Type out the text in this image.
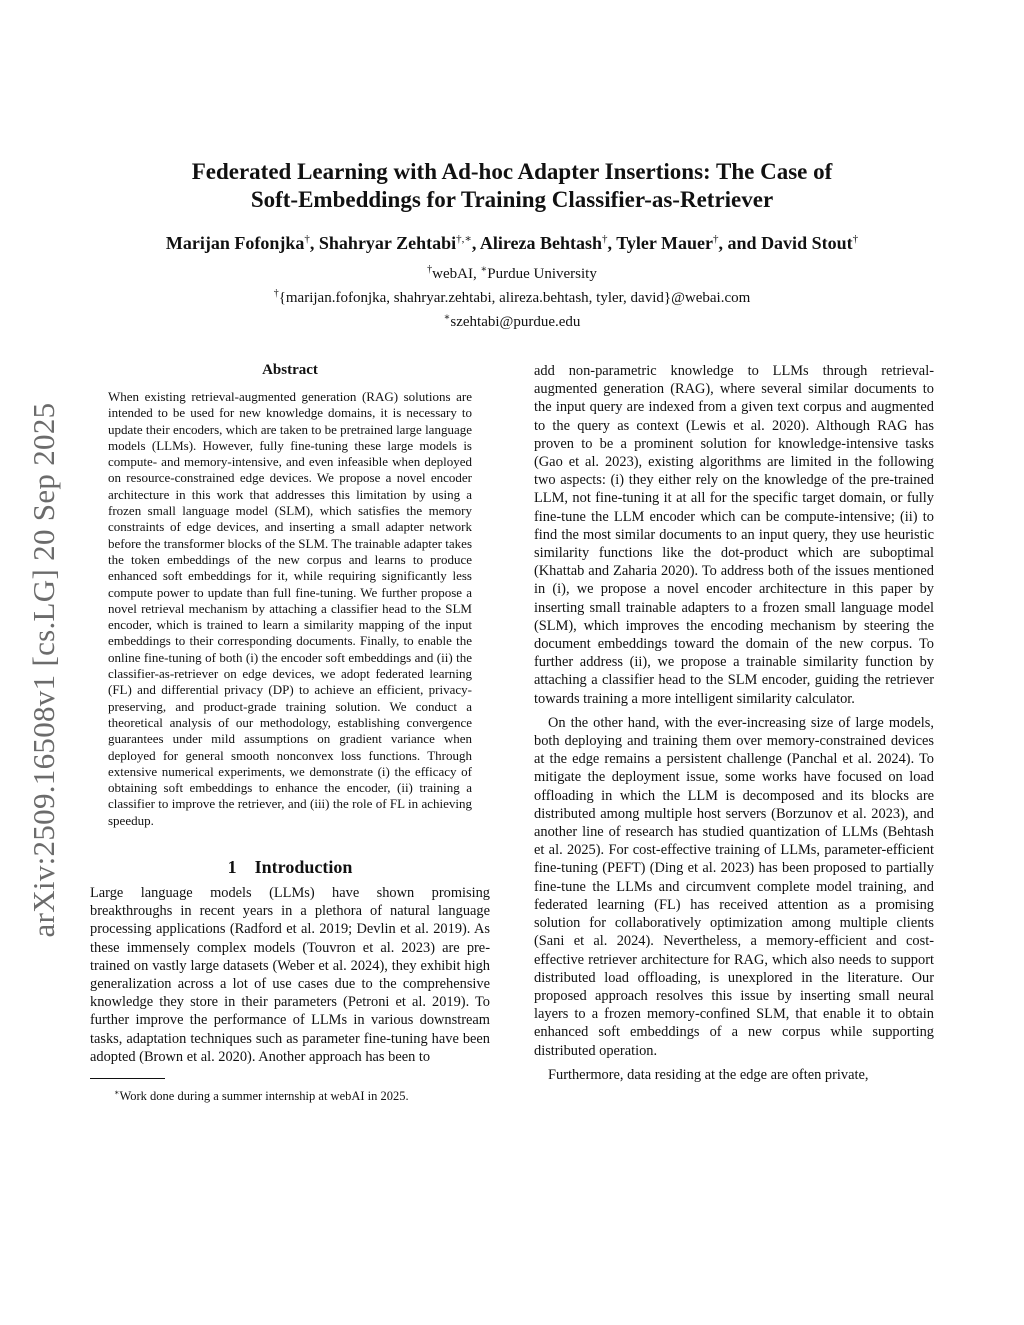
arXiv:2509.16508v1 [cs.LG] 20 Sep 2025
Federated Learning with Ad-hoc Adapter Insertions: The Case of
Soft-Embeddings for Training Classifier-as-Retriever
Marijan Fofonjka†, Shahryar Zehtabi†,∗, Alireza Behtash†, Tyler Mauer†, and David Stout†
†webAI, ∗Purdue University
†{marijan.fofonjka, shahryar.zehtabi, alireza.behtash, tyler, david}@webai.com
∗szehtabi@purdue.edu
Abstract

When existing retrieval-augmented generation (RAG) solutions are intended to be used for new knowledge domains, it is necessary to update their encoders, which are taken to be pretrained large language models (LLMs). However, fully fine-tuning these large models is compute- and memory-intensive, and even infeasible when deployed on resource-constrained edge devices. We propose a novel encoder architecture in this work that addresses this limitation by using a frozen small language model (SLM), which satisfies the memory constraints of edge devices, and inserting a small adapter network before the transformer blocks of the SLM. The trainable adapter takes the token embeddings of the new corpus and learns to produce enhanced soft embeddings for it, while requiring significantly less compute power to update than full fine-tuning. We further propose a novel retrieval mechanism by attaching a classifier head to the SLM encoder, which is trained to learn a similarity mapping of the input embeddings to their corresponding documents. Finally, to enable the online fine-tuning of both (i) the encoder soft embeddings and (ii) the classifier-as-retriever on edge devices, we adopt federated learning (FL) and differential privacy (DP) to achieve an efficient, privacy-preserving, and product-grade training solution. We conduct a theoretical analysis of our methodology, establishing convergence guarantees under mild assumptions on gradient variance when deployed for general smooth nonconvex loss functions. Through extensive numerical experiments, we demonstrate (i) the efficacy of obtaining soft embeddings to enhance the encoder, (ii) training a classifier to improve the retriever, and (iii) the role of FL in achieving speedup.

1 Introduction

Large language models (LLMs) have shown promising breakthroughs in recent years in a plethora of natural language processing applications (Radford et al. 2019; Devlin et al. 2019). As these immensely complex models (Touvron et al. 2023) are pre-trained on vastly large datasets (Weber et al. 2024), they exhibit high generalization across a lot of use cases due to the comprehensive knowledge they store in their parameters (Petroni et al. 2019). To further improve the performance of LLMs in various downstream tasks, adaptation techniques such as parameter fine-tuning have been adopted (Brown et al. 2020). Another approach has been to

∗Work done during a summer internship at webAI in 2025.

add non-parametric knowledge to LLMs through retrieval-augmented generation (RAG), where several similar documents to the input query are indexed from a given text corpus and augmented to the query as context (Lewis et al. 2020). Although RAG has proven to be a prominent solution for knowledge-intensive tasks (Gao et al. 2023), existing algorithms are limited in the following two aspects: (i) they either rely on the knowledge of the pre-trained LLM, not fine-tuning it at all for the specific target domain, or fully fine-tune the LLM encoder which can be compute-intensive; (ii) to find the most similar documents to an input query, they use heuristic similarity functions like the dot-product which are suboptimal (Khattab and Zaharia 2020). To address both of the issues mentioned in (i), we propose a novel encoder architecture in this paper by inserting small trainable adapters to a frozen small language model (SLM), which improves the encoding mechanism by steering the document embeddings toward the domain of the new corpus. To further address (ii), we propose a trainable similarity function by attaching a classifier head to the SLM encoder, guiding the retriever towards training a more intelligent similarity calculator.

On the other hand, with the ever-increasing size of large models, both deploying and training them over memory-constrained devices at the edge remains a persistent challenge (Panchal et al. 2024). To mitigate the deployment issue, some works have focused on load offloading in which the LLM is decomposed and its blocks are distributed among multiple host servers (Borzunov et al. 2023), and another line of research has studied quantization of LLMs (Behtash et al. 2025). For cost-effective training of LLMs, parameter-efficient fine-tuning (PEFT) (Ding et al. 2023) has been proposed to partially fine-tune the LLMs and circumvent complete model training, and federated learning (FL) has received attention as a promising solution for collaboratively optimization among multiple clients (Sani et al. 2024). Nevertheless, a memory-efficient and cost-effective retriever architecture for RAG, which also needs to support distributed load offloading, is unexplored in the literature. Our proposed approach resolves this issue by inserting small neural layers to a frozen memory-confined SLM, that enable it to obtain enhanced soft embeddings of a new corpus while supporting distributed operation.

Furthermore, data residing at the edge are often private,
